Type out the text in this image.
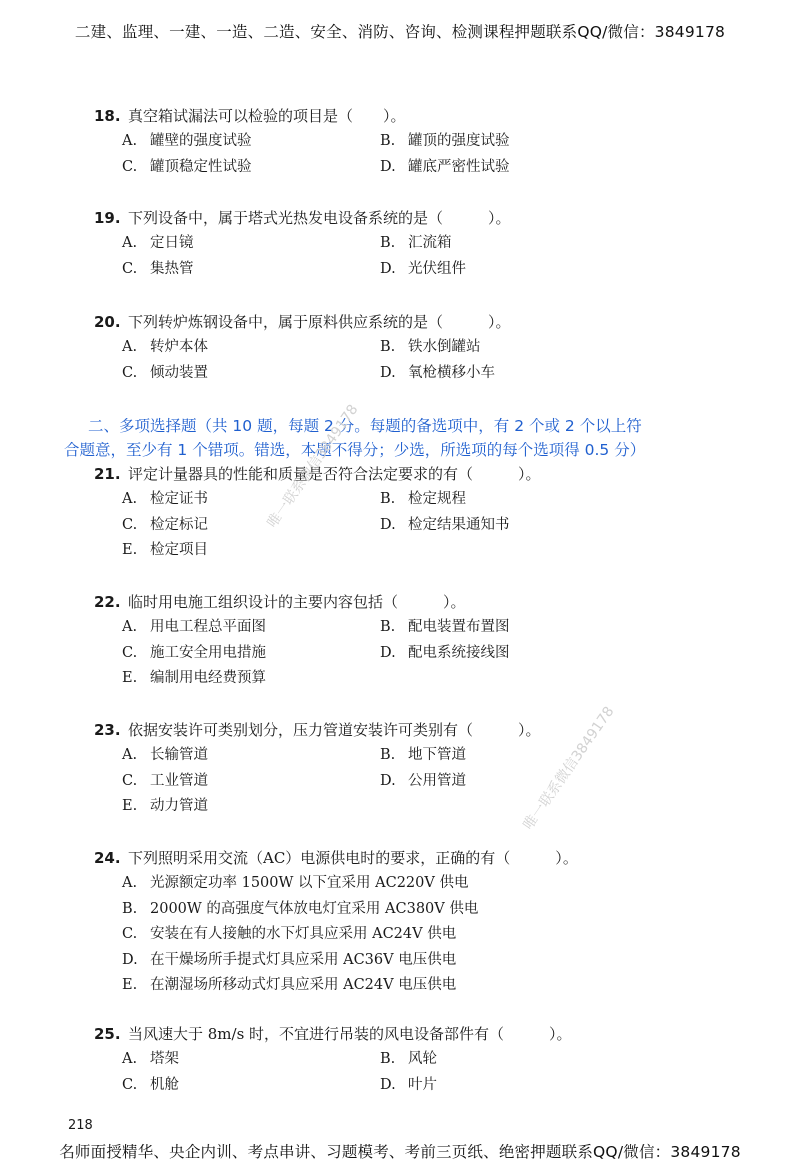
二建、监理、一建、一造、二造、安全、消防、咨询、检测课程押题联系QQ/微信：3849178
18. 真空箱试漏法可以检验的项目是（　　）。
A. 罐壁的强度试验	B. 罐顶的强度试验
C. 罐顶稳定性试验	D. 罐底严密性试验
19. 下列设备中，属于塔式光热发电设备系统的是（　　　）。
A. 定日镜	B. 汇流箱
C. 集热管	D. 光伏组件
20. 下列转炉炼钢设备中，属于原料供应系统的是（　　　）。
A. 转炉本体	B. 铁水倒罐站
C. 倾动装置	D. 氧枪横移小车
21. 评定计量器具的性能和质量是否符合法定要求的有（　　　）。
A. 检定证书	B. 检定规程
C. 检定标记	D. 检定结果通知书
E. 检定项目
22. 临时用电施工组织设计的主要内容包括（　　　）。
A. 用电工程总平面图	B. 配电装置布置图
C. 施工安全用电措施	D. 配电系统接线图
E. 编制用电经费预算
23. 依据安装许可类别划分，压力管道安装许可类别有（　　　）。
A. 长输管道	B. 地下管道
C. 工业管道	D. 公用管道
E. 动力管道
24. 下列照明采用交流（AC）电源供电时的要求，正确的有（　　　）。
A. 光源额定功率 1500W 以下宜采用 AC220V 供电
B. 2000W 的高强度气体放电灯宜采用 AC380V 供电
C. 安装在有人接触的水下灯具应采用 AC24V 供电
D. 在干燥场所手提式灯具应采用 AC36V 电压供电
E. 在潮湿场所移动式灯具应采用 AC24V 电压供电
25. 当风速大于 8m/s 时，不宜进行吊装的风电设备部件有（　　　）。
A. 塔架	B. 风轮
C. 机舱	D. 叶片
二、多项选择题（共 10 题，每题 2 分。每题的备选项中，有 2 个或 2 个以上符
合题意，至少有 1 个错项。错选，本题不得分；少选，所选项的每个选项得 0.5 分）
唯一联系微信3849178
唯一联系微信3849178
218
名师面授精华、央企内训、考点串讲、习题模考、考前三页纸、绝密押题联系QQ/微信：3849178
